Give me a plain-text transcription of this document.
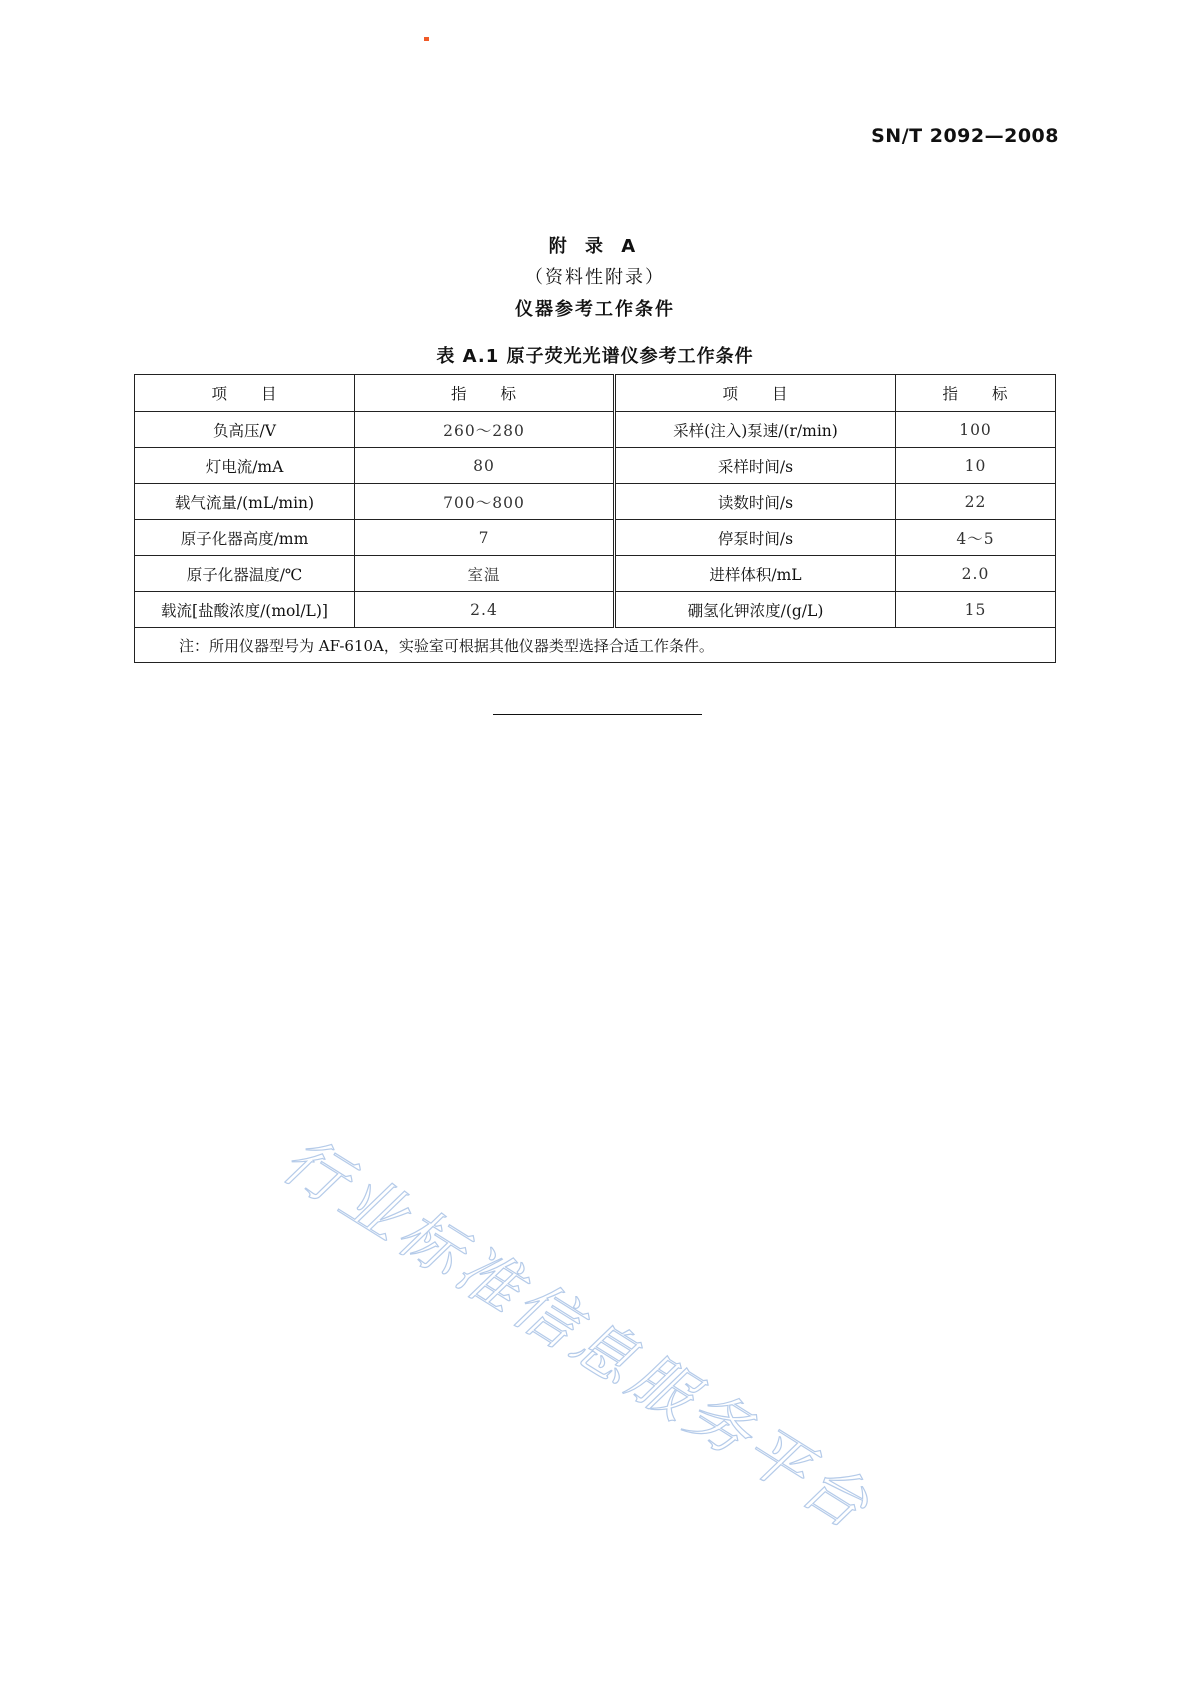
SN/T 2092—2008
附 录 A
（资料性附录）
仪器参考工作条件
表 A.1 原子荧光光谱仪参考工作条件
项　　目	指　　标	项　　目	指　　标
负高压/V	260～280	采样(注入)泵速/(r/min)	100
灯电流/mA	80	采样时间/s	10
载气流量/(mL/min)	700～800	读数时间/s	22
原子化器高度/mm	7	停泵时间/s	4～5
原子化器温度/℃	室温	进样体积/mL	2.0
载流[盐酸浓度/(mol/L)]	2.4	硼氢化钾浓度/(g/L)	15
注：所用仪器型号为 AF-610A，实验室可根据其他仪器类型选择合适工作条件。			
行业标准信息服务平台
